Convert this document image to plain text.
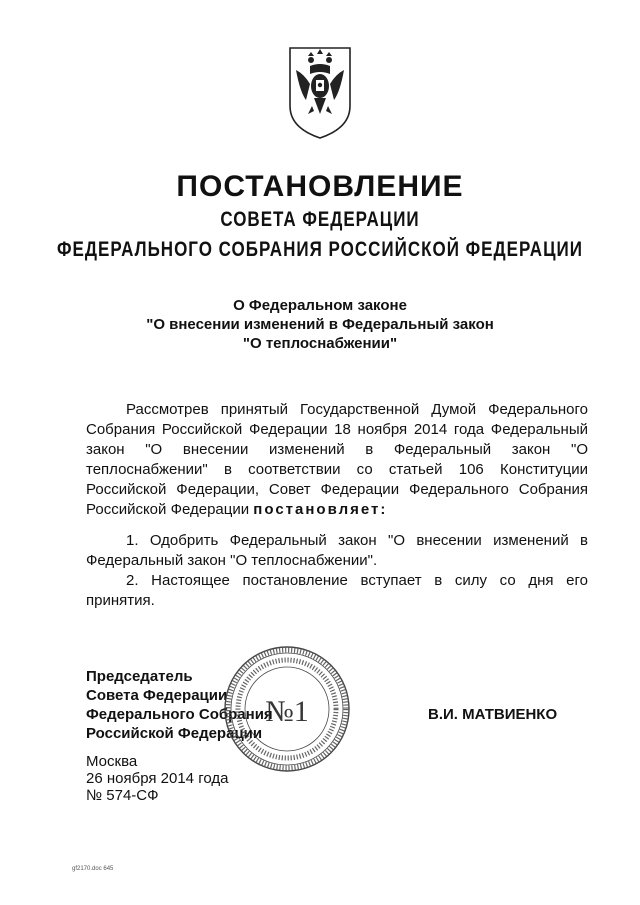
ПОСТАНОВЛЕНИЕ
СОВЕТА ФЕДЕРАЦИИ
ФЕДЕРАЛЬНОГО СОБРАНИЯ РОССИЙСКОЙ ФЕДЕРАЦИИ
О Федеральном законе
"О внесении изменений в Федеральный закон
"О теплоснабжении"
Рассмотрев принятый Государственной Думой Федерального Собрания Российской Федерации 18 ноября 2014 года Федеральный закон "О внесении изменений в Федеральный закон "О теплоснабжении" в соответствии со статьей 106 Конституции Российской Федерации, Совет Федерации Федерального Собрания Российской Федерации постановляет:
1. Одобрить Федеральный закон "О внесении изменений в Федеральный закон "О теплоснабжении".
2. Настоящее постановление вступает в силу со дня его принятия.
Председатель
Совета Федерации
Федерального Собрания
Российской Федерации
№1	В.И. МАТВИЕНКО
Москва
26 ноября 2014 года
№ 574-СФ
gf2170.doc 645
